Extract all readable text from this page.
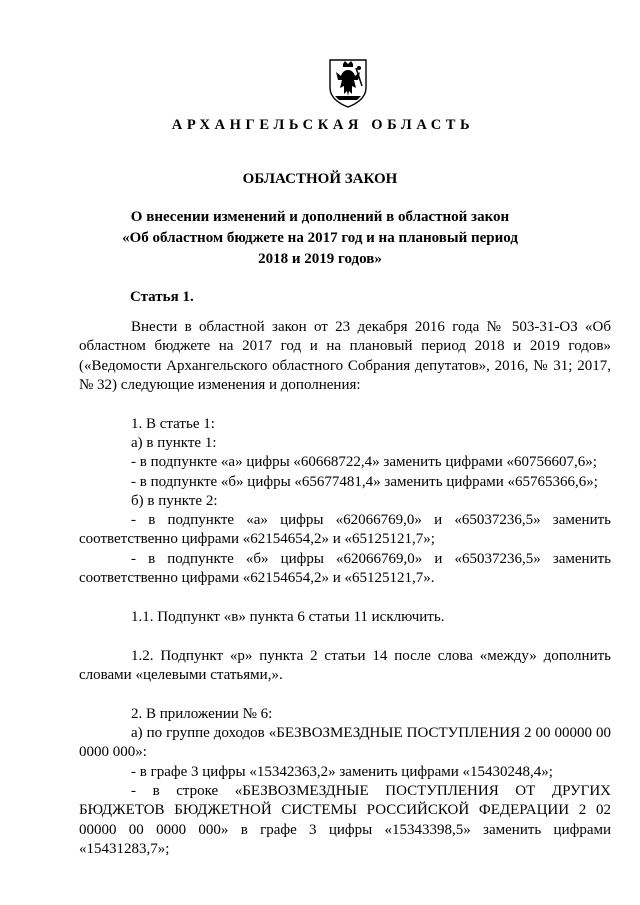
АРХАНГЕЛЬСКАЯ ОБЛАСТЬ
ОБЛАСТНОЙ ЗАКОН
О внесении изменений и дополнений в областной закон
«Об областном бюджете на 2017 год и на плановый период
2018 и 2019 годов»
Статья 1.

Внести в областной закон от 23 декабря 2016 года № 503-31-ОЗ «Об областном бюджете на 2017 год и на плановый период 2018 и 2019 годов» («Ведомости Архангельского областного Собрания депутатов», 2016, № 31; 2017, № 32) следующие изменения и дополнения:

1. В статье 1:

а) в пункте 1:

- в подпункте «а» цифры «60668722,4» заменить цифрами «60756607,6»;

- в подпункте «б» цифры «65677481,4» заменить цифрами «65765366,6»;

б) в пункте 2:

- в подпункте «а» цифры «62066769,0» и «65037236,5» заменить

соответственно цифрами «62154654,2» и «65125121,7»;

- в подпункте «б» цифры «62066769,0» и «65037236,5» заменить

соответственно цифрами «62154654,2» и «65125121,7».

1.1. Подпункт «в» пункта 6 статьи 11 исключить.

1.2. Подпункт «р» пункта 2 статьи 14 после слова «между» дополнить словами «целевыми статьями,».

2. В приложении № 6:

а) по группе доходов «БЕЗВОЗМЕЗДНЫЕ ПОСТУПЛЕНИЯ 2 00 00000 00 0000 000»:

- в графе 3 цифры «15342363,2» заменить цифрами «15430248,4»;

- в строке «БЕЗВОЗМЕЗДНЫЕ ПОСТУПЛЕНИЯ ОТ ДРУГИХ БЮДЖЕТОВ БЮДЖЕТНОЙ СИСТЕМЫ РОССИЙСКОЙ ФЕДЕРАЦИИ 2 02 00000 00 0000 000» в графе 3 цифры «15343398,5» заменить цифрами «15431283,7»;
